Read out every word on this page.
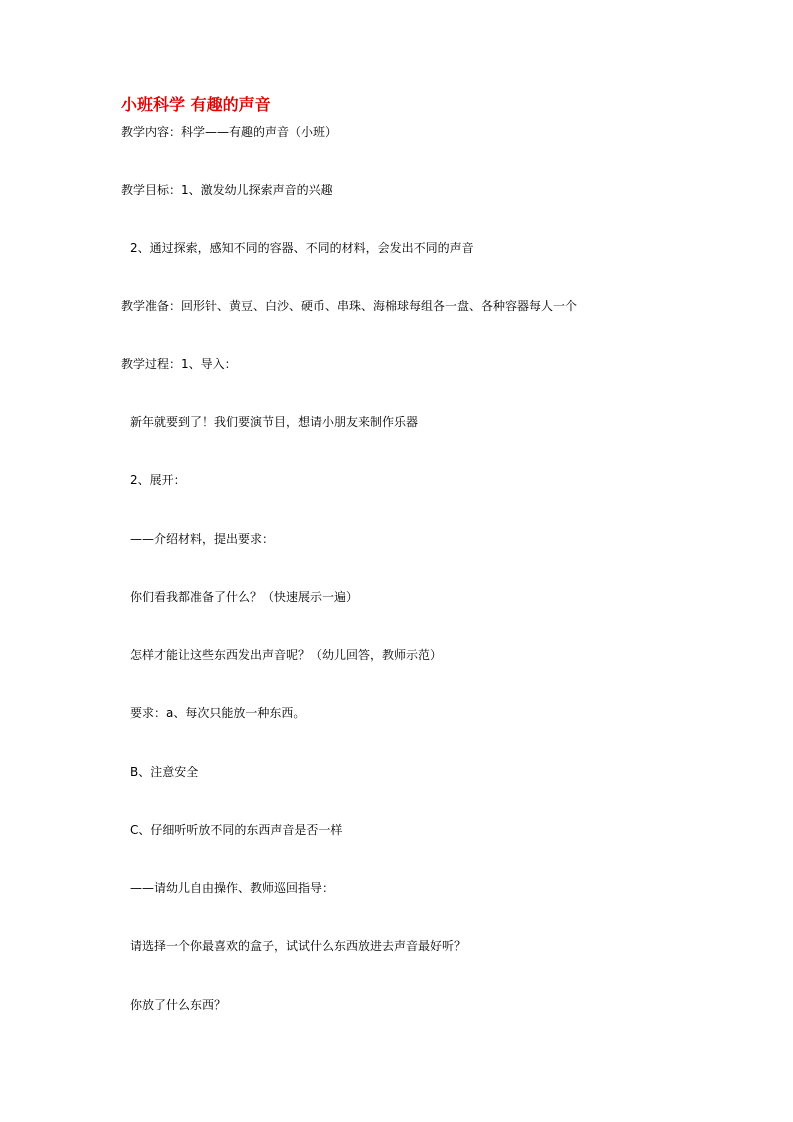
小班科学 有趣的声音
教学内容：科学——有趣的声音（小班）
教学目标：1、激发幼儿探索声音的兴趣
2、通过探索，感知不同的容器、不同的材料，会发出不同的声音
教学准备：回形针、黄豆、白沙、硬币、串珠、海棉球每组各一盘、各种容器每人一个
教学过程：1、导入：
新年就要到了！我们要演节目，想请小朋友来制作乐器
2、展开：
——介绍材料，提出要求：
你们看我都准备了什么？（快速展示一遍）
怎样才能让这些东西发出声音呢？（幼儿回答，教师示范）
要求：a、每次只能放一种东西。
B、注意安全
C、仔细听听放不同的东西声音是否一样
——请幼儿自由操作、教师巡回指导：
请选择一个你最喜欢的盒子，试试什么东西放进去声音最好听？
你放了什么东西？
